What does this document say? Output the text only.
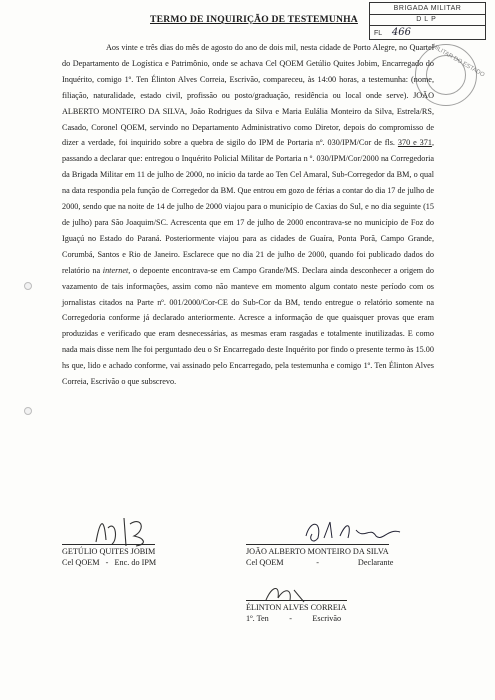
TERMO DE INQUIRIÇÃO DE TESTEMUNHA
BRIGADA MILITAR
DLP
FL 466
MILITAR DO ESTADO

Aos vinte e três dias do mês de agosto do ano de dois mil, nesta cidade de Porto Alegre, no Quartel do Departamento de Logística e Patrimônio, onde se achava Cel QOEM Getúlio Quites Jobim, Encarregado do Inquérito, comigo 1º. Ten Élinton Alves Correia, Escrivão, compareceu, às 14:00 horas, a testemunha: (nome, filiação, naturalidade, estado civil, profissão ou posto/graduação, residência ou local onde serve). JOÃO ALBERTO MONTEIRO DA SILVA, João Rodrigues da Silva e Maria Eulália Monteiro da Silva, Estrela/RS, Casado, Coronel QOEM, servindo no Departamento Administrativo como Diretor, depois do compromisso de dizer a verdade, foi inquirido sobre a quebra de sigilo do IPM de Portaria nº. 030/IPM/Cor de fls. 370 e 371, passando a declarar que: entregou o Inquérito Policial Militar de Portaria n º. 030/IPM/Cor/2000 na Corregedoria da Brigada Militar em 11 de julho de 2000, no início da tarde ao Ten Cel Amaral, Sub-Corregedor da BM, o qual na data respondia pela função de Corregedor da BM. Que entrou em gozo de férias a contar do dia 17 de julho de 2000, sendo que na noite de 14 de julho de 2000 viajou para o município de Caxias do Sul, e no dia seguinte (15 de julho) para São Joaquim/SC. Acrescenta que em 17 de julho de 2000 encontrava-se no município de Foz do Iguaçú no Estado do Paraná. Posteriormente viajou para as cidades de Guaíra, Ponta Porã, Campo Grande, Corumbá, Santos e Rio de Janeiro. Esclarece que no dia 21 de julho de 2000, quando foi publicado dados do relatório na internet, o depoente encontrava-se em Campo Grande/MS. Declara ainda desconhecer a origem do vazamento de tais informações, assim como não manteve em momento algum contato neste período com os jornalistas citados na Parte nº. 001/2000/Cor-CE do Sub-Cor da BM, tendo entregue o relatório somente na Corregedoria conforme já declarado anteriormente. Acresce a informação de que quaisquer provas que eram produzidas e verificado que eram desnecessárias, as mesmas eram rasgadas e totalmente inutilizadas. E como nada mais disse nem lhe foi perguntado deu o Sr Encarregado deste Inquérito por findo o presente termo às 15.00 hs que, lido e achado conforme, vai assinado pelo Encarregado, pela testemunha e comigo 1º. Ten Élinton Alves Correia, Escrivão o que subscrevo.

GETÚLIO QUITES JOBIM
Cel QOEM - Enc. do IPM
JOÃO ALBERTO MONTEIRO DA SILVA
Cel QOEM	-	Declarante
ÉLINTON ALVES CORREIA
1º. Ten - Escrivão
